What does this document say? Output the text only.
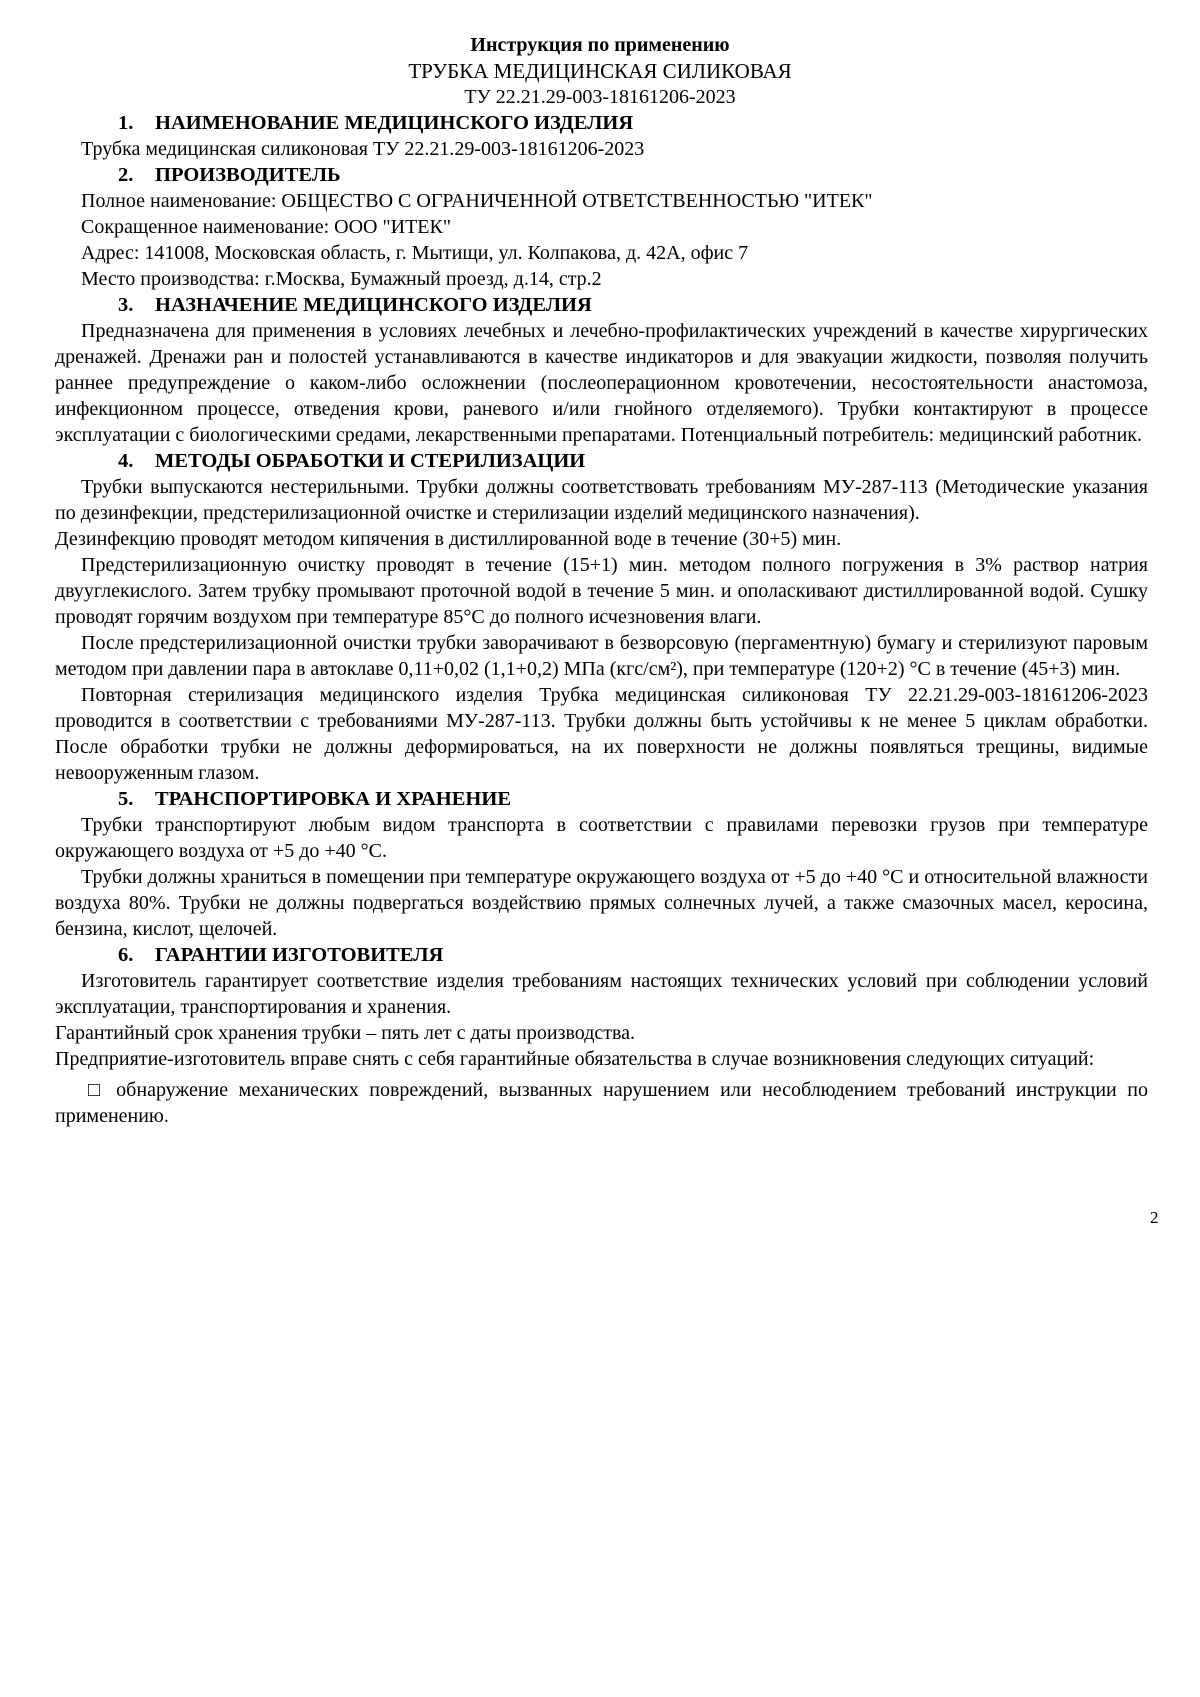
Инструкция по применению
ТРУБКА МЕДИЦИНСКАЯ СИЛИКОВАЯ
ТУ 22.21.29-003-18161206-2023
1. НАИМЕНОВАНИЕ МЕДИЦИНСКОГО ИЗДЕЛИЯ

Трубка медицинская силиконовая ТУ 22.21.29-003-18161206-2023

2. ПРОИЗВОДИТЕЛЬ

Полное наименование: ОБЩЕСТВО С ОГРАНИЧЕННОЙ ОТВЕТСТВЕННОСТЬЮ "ИТЕК"

Сокращенное наименование: ООО "ИТЕК"

Адрес: 141008, Московская область, г. Мытищи, ул. Колпакова, д. 42А, офис 7

Место производства: г.Москва, Бумажный проезд, д.14, стр.2

3. НАЗНАЧЕНИЕ МЕДИЦИНСКОГО ИЗДЕЛИЯ

Предназначена для применения в условиях лечебных и лечебно-профилактических учреждений в качестве хирургических дренажей. Дренажи ран и полостей устанавливаются в качестве индикаторов и для эвакуации жидкости, позволяя получить раннее предупреждение о каком-либо осложнении (послеоперационном кровотечении, несостоятельности анастомоза, инфекционном процессе, отведения крови, раневого и/или гнойного отделяемого). Трубки контактируют в процессе эксплуатации с биологическими средами, лекарственными препаратами. Потенциальный потребитель: медицинский работник.

4. МЕТОДЫ ОБРАБОТКИ И СТЕРИЛИЗАЦИИ

Трубки выпускаются нестерильными. Трубки должны соответствовать требованиям МУ-287-113 (Методические указания по дезинфекции, предстерилизационной очистке и стерилизации изделий медицинского назначения).

Дезинфекцию проводят методом кипячения в дистиллированной воде в течение (30+5) мин.

Предстерилизационную очистку проводят в течение (15+1) мин. методом полного погружения в 3% раствор натрия двууглекислого. Затем трубку промывают проточной водой в течение 5 мин. и ополаскивают дистиллированной водой. Сушку проводят горячим воздухом при температуре 85°С до полного исчезновения влаги.

После предстерилизационной очистки трубки заворачивают в безворсовую (пергаментную) бумагу и стерилизуют паровым методом при давлении пара в автоклаве 0,11+0,02 (1,1+0,2) МПа (кгс/см²), при температуре (120+2) °С в течение (45+3) мин.

Повторная стерилизация медицинского изделия Трубка медицинская силиконовая ТУ 22.21.29-003-18161206-2023 проводится в соответствии с требованиями МУ-287-113. Трубки должны быть устойчивы к не менее 5 циклам обработки. После обработки трубки не должны деформироваться, на их поверхности не должны появляться трещины, видимые невооруженным глазом.

5. ТРАНСПОРТИРОВКА И ХРАНЕНИЕ

Трубки транспортируют любым видом транспорта в соответствии с правилами перевозки грузов при температуре окружающего воздуха от +5 до +40 °С.

Трубки должны храниться в помещении при температуре окружающего воздуха от +5 до +40 °С и относительной влажности воздуха 80%. Трубки не должны подвергаться воздействию прямых солнечных лучей, а также смазочных масел, керосина, бензина, кислот, щелочей.

6. ГАРАНТИИ ИЗГОТОВИТЕЛЯ

Изготовитель гарантирует соответствие изделия требованиям настоящих технических условий при соблюдении условий эксплуатации, транспортирования и хранения.

Гарантийный срок хранения трубки – пять лет с даты производства.

Предприятие-изготовитель вправе снять с себя гарантийные обязательства в случае возникновения следующих ситуаций:

□ обнаружение механических повреждений, вызванных нарушением или несоблюдением требований инструкции по применению.

2
